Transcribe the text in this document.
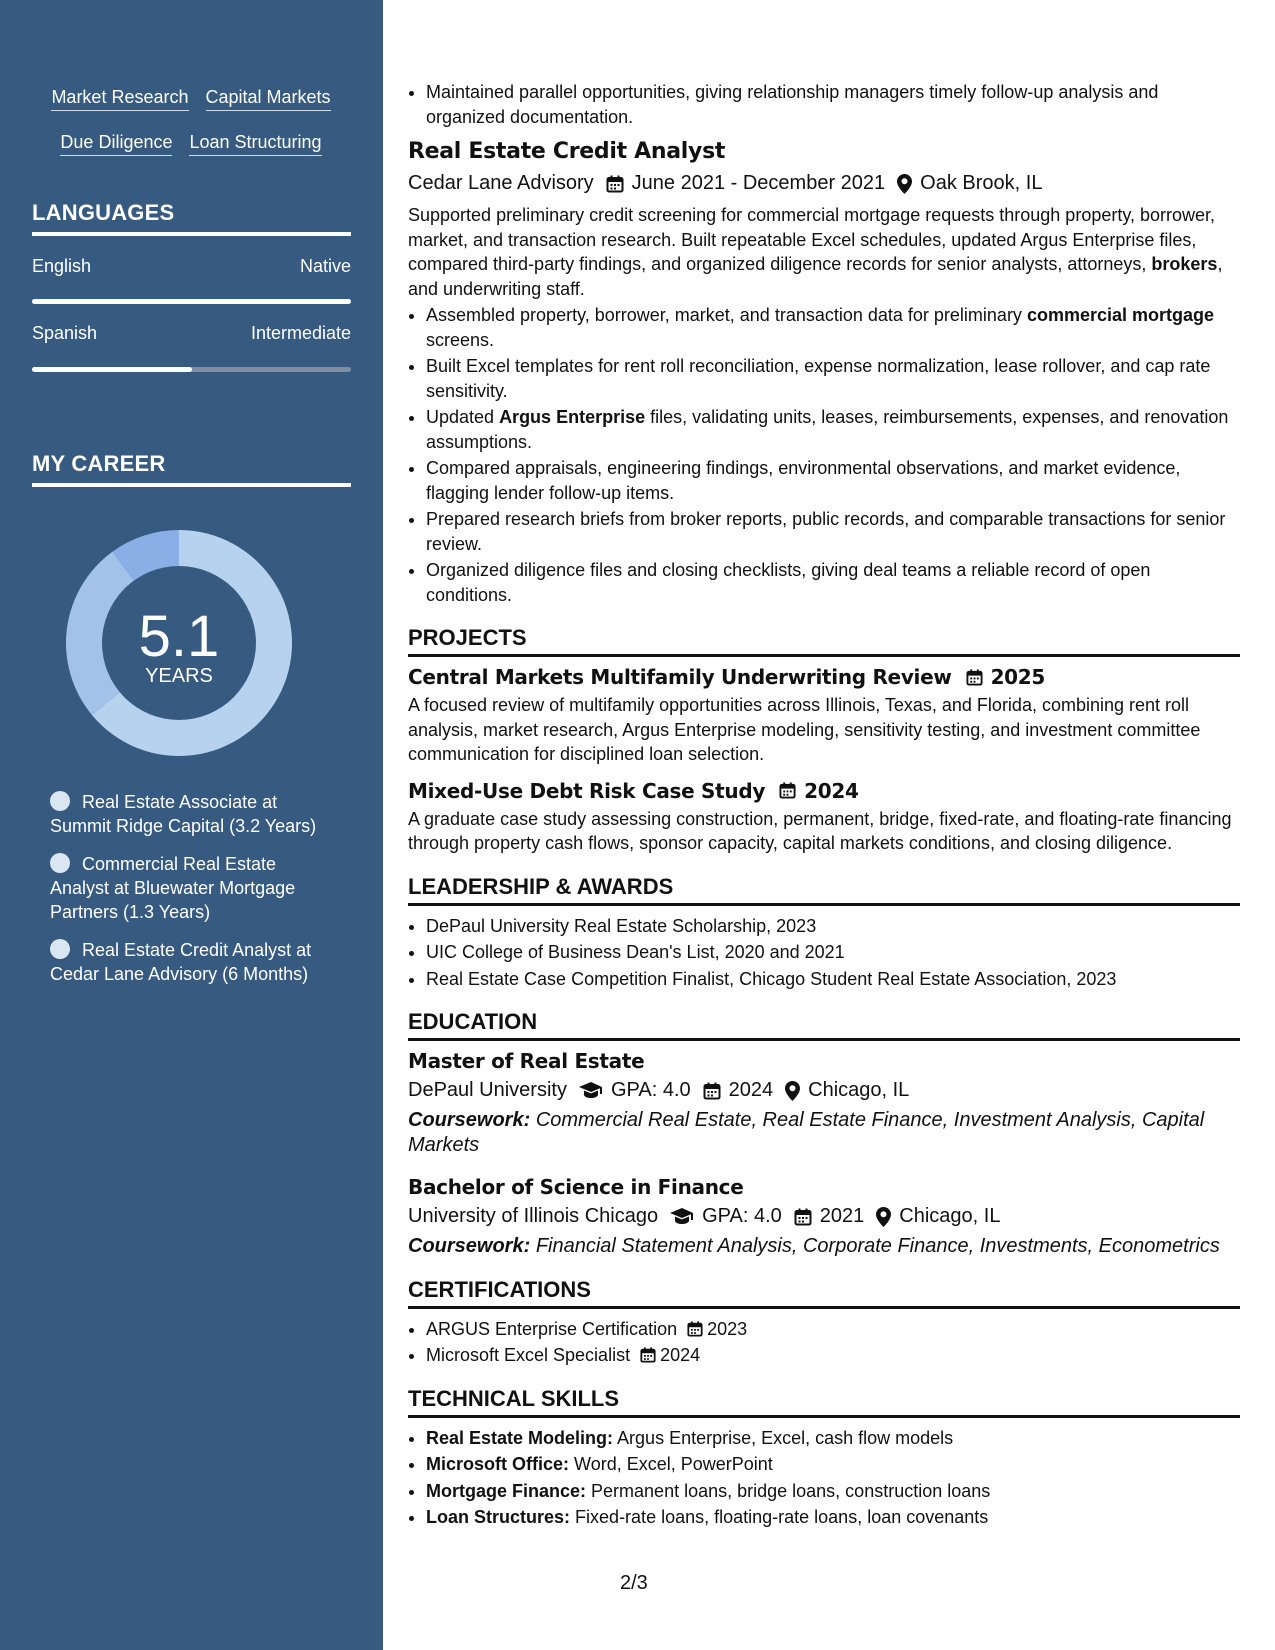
Market Research Capital Markets
Due Diligence Loan Structuring
LANGUAGES
English	Native
Spanish	Intermediate
MY CAREER
5.1
YEARS
Real Estate Associate at Summit Ridge Capital (3.2 Years)
Commercial Real Estate Analyst at Bluewater Mortgage Partners (1.3 Years)
Real Estate Credit Analyst at Cedar Lane Advisory (6 Months)
• Maintained parallel opportunities, giving relationship managers timely follow-up analysis and organized documentation.
Real Estate Credit Analyst
Cedar Lane Advisory June 2021 - December 2021 Oak Brook, IL
Supported preliminary credit screening for commercial mortgage requests through property, borrower, market, and transaction research. Built repeatable Excel schedules, updated Argus Enterprise files, compared third-party findings, and organized diligence records for senior analysts, attorneys, brokers, and underwriting staff.
• Assembled property, borrower, market, and transaction data for preliminary commercial mortgage screens.
• Built Excel templates for rent roll reconciliation, expense normalization, lease rollover, and cap rate sensitivity.
• Updated Argus Enterprise files, validating units, leases, reimbursements, expenses, and renovation assumptions.
• Compared appraisals, engineering findings, environmental observations, and market evidence, flagging lender follow-up items.
• Prepared research briefs from broker reports, public records, and comparable transactions for senior review.
• Organized diligence files and closing checklists, giving deal teams a reliable record of open conditions.
PROJECTS
Central Markets Multifamily Underwriting Review 2025
A focused review of multifamily opportunities across Illinois, Texas, and Florida, combining rent roll analysis, market research, Argus Enterprise modeling, sensitivity testing, and investment committee communication for disciplined loan selection.
Mixed-Use Debt Risk Case Study 2024
A graduate case study assessing construction, permanent, bridge, fixed-rate, and floating-rate financing through property cash flows, sponsor capacity, capital markets conditions, and closing diligence.
LEADERSHIP & AWARDS
• DePaul University Real Estate Scholarship, 2023
• UIC College of Business Dean's List, 2020 and 2021
• Real Estate Case Competition Finalist, Chicago Student Real Estate Association, 2023
EDUCATION
Master of Real Estate
DePaul University GPA: 4.0 2024 Chicago, IL
Coursework: Commercial Real Estate, Real Estate Finance, Investment Analysis, Capital Markets
Bachelor of Science in Finance
University of Illinois Chicago GPA: 4.0 2021 Chicago, IL
Coursework: Financial Statement Analysis, Corporate Finance, Investments, Econometrics
CERTIFICATIONS
• ARGUS Enterprise Certification 2023
• Microsoft Excel Specialist 2024
TECHNICAL SKILLS
• Real Estate Modeling: Argus Enterprise, Excel, cash flow models
• Microsoft Office: Word, Excel, PowerPoint
• Mortgage Finance: Permanent loans, bridge loans, construction loans
• Loan Structures: Fixed-rate loans, floating-rate loans, loan covenants
2/3
